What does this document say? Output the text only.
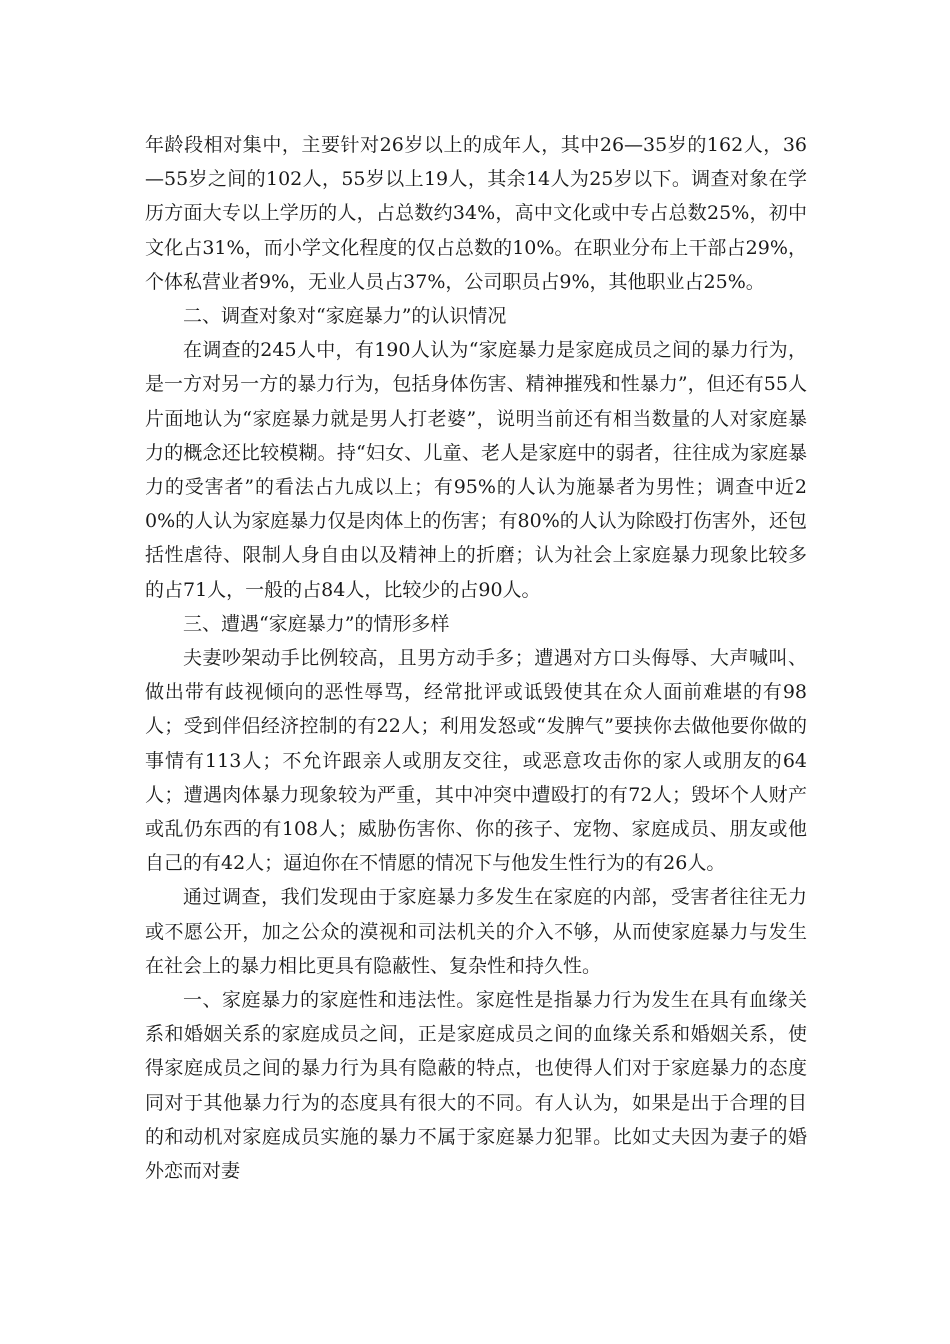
年龄段相对集中，主要针对26岁以上的成年人，其中26—35岁的162人，36—55岁之间的102人，55岁以上19人，其余14人为25岁以下。调查对象在学历方面大专以上学历的人，占总数约34%，高中文化或中专占总数25%，初中文化占31%，而小学文化程度的仅占总数的10%。在职业分布上干部占29%，个体私营业者9%，无业人员占37%，公司职员占9%，其他职业占25%。

二、调查对象对“家庭暴力”的认识情况

在调查的245人中，有190人认为“家庭暴力是家庭成员之间的暴力行为，是一方对另一方的暴力行为，包括身体伤害、精神摧残和性暴力”，但还有55人片面地认为“家庭暴力就是男人打老婆”，说明当前还有相当数量的人对家庭暴力的概念还比较模糊。持“妇女、儿童、老人是家庭中的弱者，往往成为家庭暴力的受害者”的看法占九成以上；有95%的人认为施暴者为男性；调查中近20%的人认为家庭暴力仅是肉体上的伤害；有80%的人认为除殴打伤害外，还包括性虐待、限制人身自由以及精神上的折磨；认为社会上家庭暴力现象比较多的占71人，一般的占84人，比较少的占90人。

三、遭遇“家庭暴力”的情形多样

夫妻吵架动手比例较高，且男方动手多；遭遇对方口头侮辱、大声喊叫、做出带有歧视倾向的恶性辱骂，经常批评或诋毁使其在众人面前难堪的有98人；受到伴侣经济控制的有22人；利用发怒或“发脾气”要挟你去做他要你做的事情有113人；不允许跟亲人或朋友交往，或恶意攻击你的家人或朋友的64人；遭遇肉体暴力现象较为严重，其中冲突中遭殴打的有72人；毁坏个人财产或乱仍东西的有108人；威胁伤害你、你的孩子、宠物、家庭成员、朋友或他自己的有42人；逼迫你在不情愿的情况下与他发生性行为的有26人。

通过调查，我们发现由于家庭暴力多发生在家庭的内部，受害者往往无力或不愿公开，加之公众的漠视和司法机关的介入不够，从而使家庭暴力与发生在社会上的暴力相比更具有隐蔽性、复杂性和持久性。

一、家庭暴力的家庭性和违法性。家庭性是指暴力行为发生在具有血缘关系和婚姻关系的家庭成员之间，正是家庭成员之间的血缘关系和婚姻关系，使得家庭成员之间的暴力行为具有隐蔽的特点，也使得人们对于家庭暴力的态度同对于其他暴力行为的态度具有很大的不同。有人认为，如果是出于合理的目的和动机对家庭成员实施的暴力不属于家庭暴力犯罪。比如丈夫因为妻子的婚外恋而对妻
